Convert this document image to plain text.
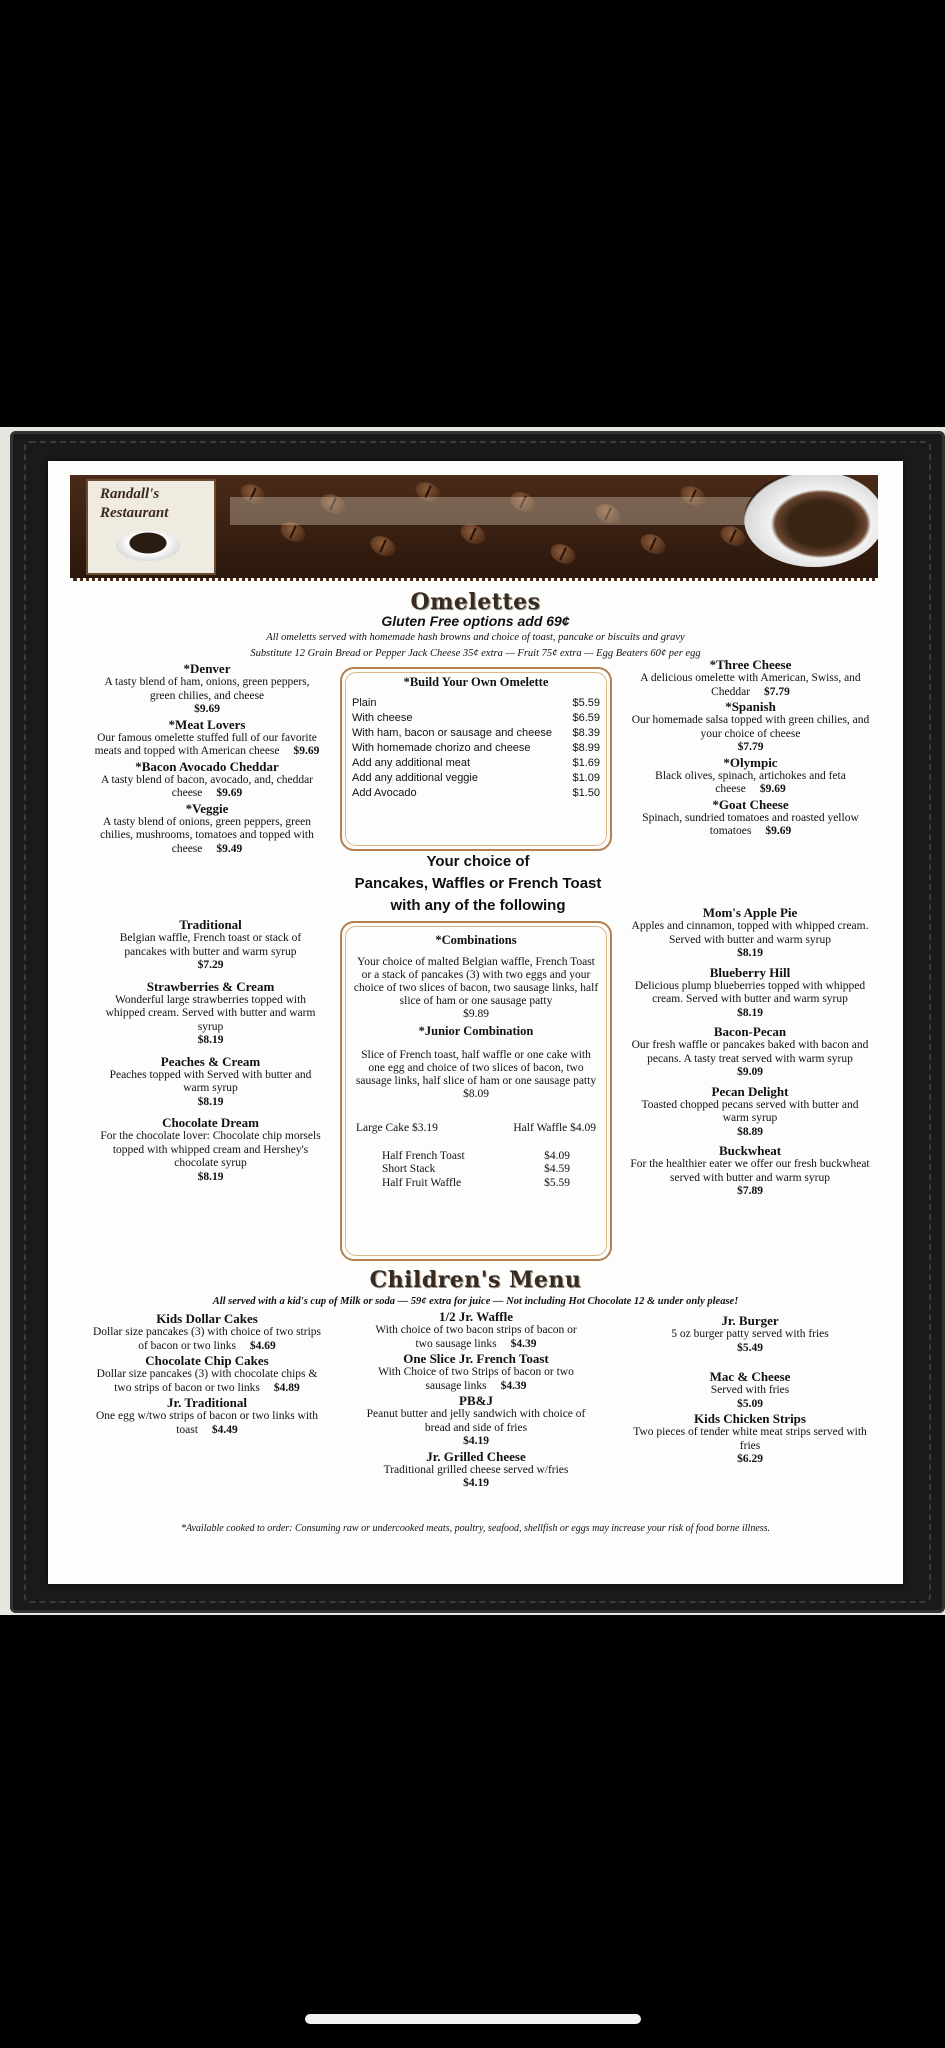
Randall's
Restaurant
Omelettes
Gluten Free options add 69¢
All omeletts served with homemade hash browns and choice of toast, pancake or biscuits and gravy
Substitute 12 Grain Bread or Pepper Jack Cheese 35¢ extra — Fruit 75¢ extra — Egg Beaters 60¢ per egg
*Denver
A tasty blend of ham, onions, green peppers, green chilies, and cheese
$9.69
*Meat Lovers
Our famous omelette stuffed full of our favorite meats and topped with American cheese $9.69
*Bacon Avocado Cheddar
A tasty blend of bacon, avocado, and, cheddar cheese $9.69
*Veggie
A tasty blend of onions, green peppers, green chilies, mushrooms, tomatoes and topped with cheese $9.49
*Build Your Own Omelette
Plain	$5.59
With cheese	$6.59
With ham, bacon or sausage and cheese $8.39
With homemade chorizo and cheese	$8.99
Add any additional meat	$1.69
Add any additional veggie	$1.09
Add Avocado	$1.50
*Three Cheese
A delicious omelette with American, Swiss, and Cheddar $7.79
*Spanish
Our homemade salsa topped with green chilies, and your choice of cheese
$7.79
*Olympic
Black olives, spinach, artichokes and feta cheese $9.69
*Goat Cheese
Spinach, sundried tomatoes and roasted yellow tomatoes $9.69
Your choice of
Pancakes, Waffles or French Toast
with any of the following
Traditional
Belgian waffle, French toast or stack of pancakes with butter and warm syrup
$7.29
Strawberries & Cream
Wonderful large strawberries topped with whipped cream. Served with butter and warm syrup
$8.19
Peaches & Cream
Peaches topped with Served with butter and warm syrup
$8.19
Chocolate Dream
For the chocolate lover: Chocolate chip morsels topped with whipped cream and Hershey's chocolate syrup
$8.19
*Combinations
Your choice of malted Belgian waffle, French Toast or a stack of pancakes (3) with two eggs and your choice of two slices of bacon, two sausage links, half slice of ham or one sausage patty
$9.89
*Junior Combination
Slice of French toast, half waffle or one cake with one egg and choice of two slices of bacon, two sausage links, half slice of ham or one sausage patty
$8.09
Large Cake $3.19	Half Waffle $4.09
Half French Toast	$4.09
Short Stack	$4.59
Half Fruit Waffle	$5.59
Mom's Apple Pie
Apples and cinnamon, topped with whipped cream. Served with butter and warm syrup
$8.19
Blueberry Hill
Delicious plump blueberries topped with whipped cream. Served with butter and warm syrup
$8.19
Bacon-Pecan
Our fresh waffle or pancakes baked with bacon and pecans. A tasty treat served with warm syrup
$9.09
Pecan Delight
Toasted chopped pecans served with butter and warm syrup
$8.89
Buckwheat
For the healthier eater we offer our fresh buckwheat served with butter and warm syrup
$7.89
Children's Menu
All served with a kid's cup of Milk or soda — 59¢ extra for juice — Not including Hot Chocolate 12 & under only please!
Kids Dollar Cakes
Dollar size pancakes (3) with choice of two strips of bacon or two links $4.69
Chocolate Chip Cakes
Dollar size pancakes (3) with chocolate chips & two strips of bacon or two links $4.89
Jr. Traditional
One egg w/two strips of bacon or two links with toast $4.49
1/2 Jr. Waffle
With choice of two bacon strips of bacon or two sausage links $4.39
One Slice Jr. French Toast
With Choice of two Strips of bacon or two sausage links $4.39
PB&J
Peanut butter and jelly sandwich with choice of bread and side of fries
$4.19
Jr. Grilled Cheese
Traditional grilled cheese served w/fries
$4.19
Jr. Burger
5 oz burger patty served with fries
$5.49
Mac & Cheese
Served with fries
$5.09
Kids Chicken Strips
Two pieces of tender white meat strips served with fries
$6.29
*Available cooked to order: Consuming raw or undercooked meats, poultry, seafood, shellfish or eggs may increase your risk of food borne illness.
